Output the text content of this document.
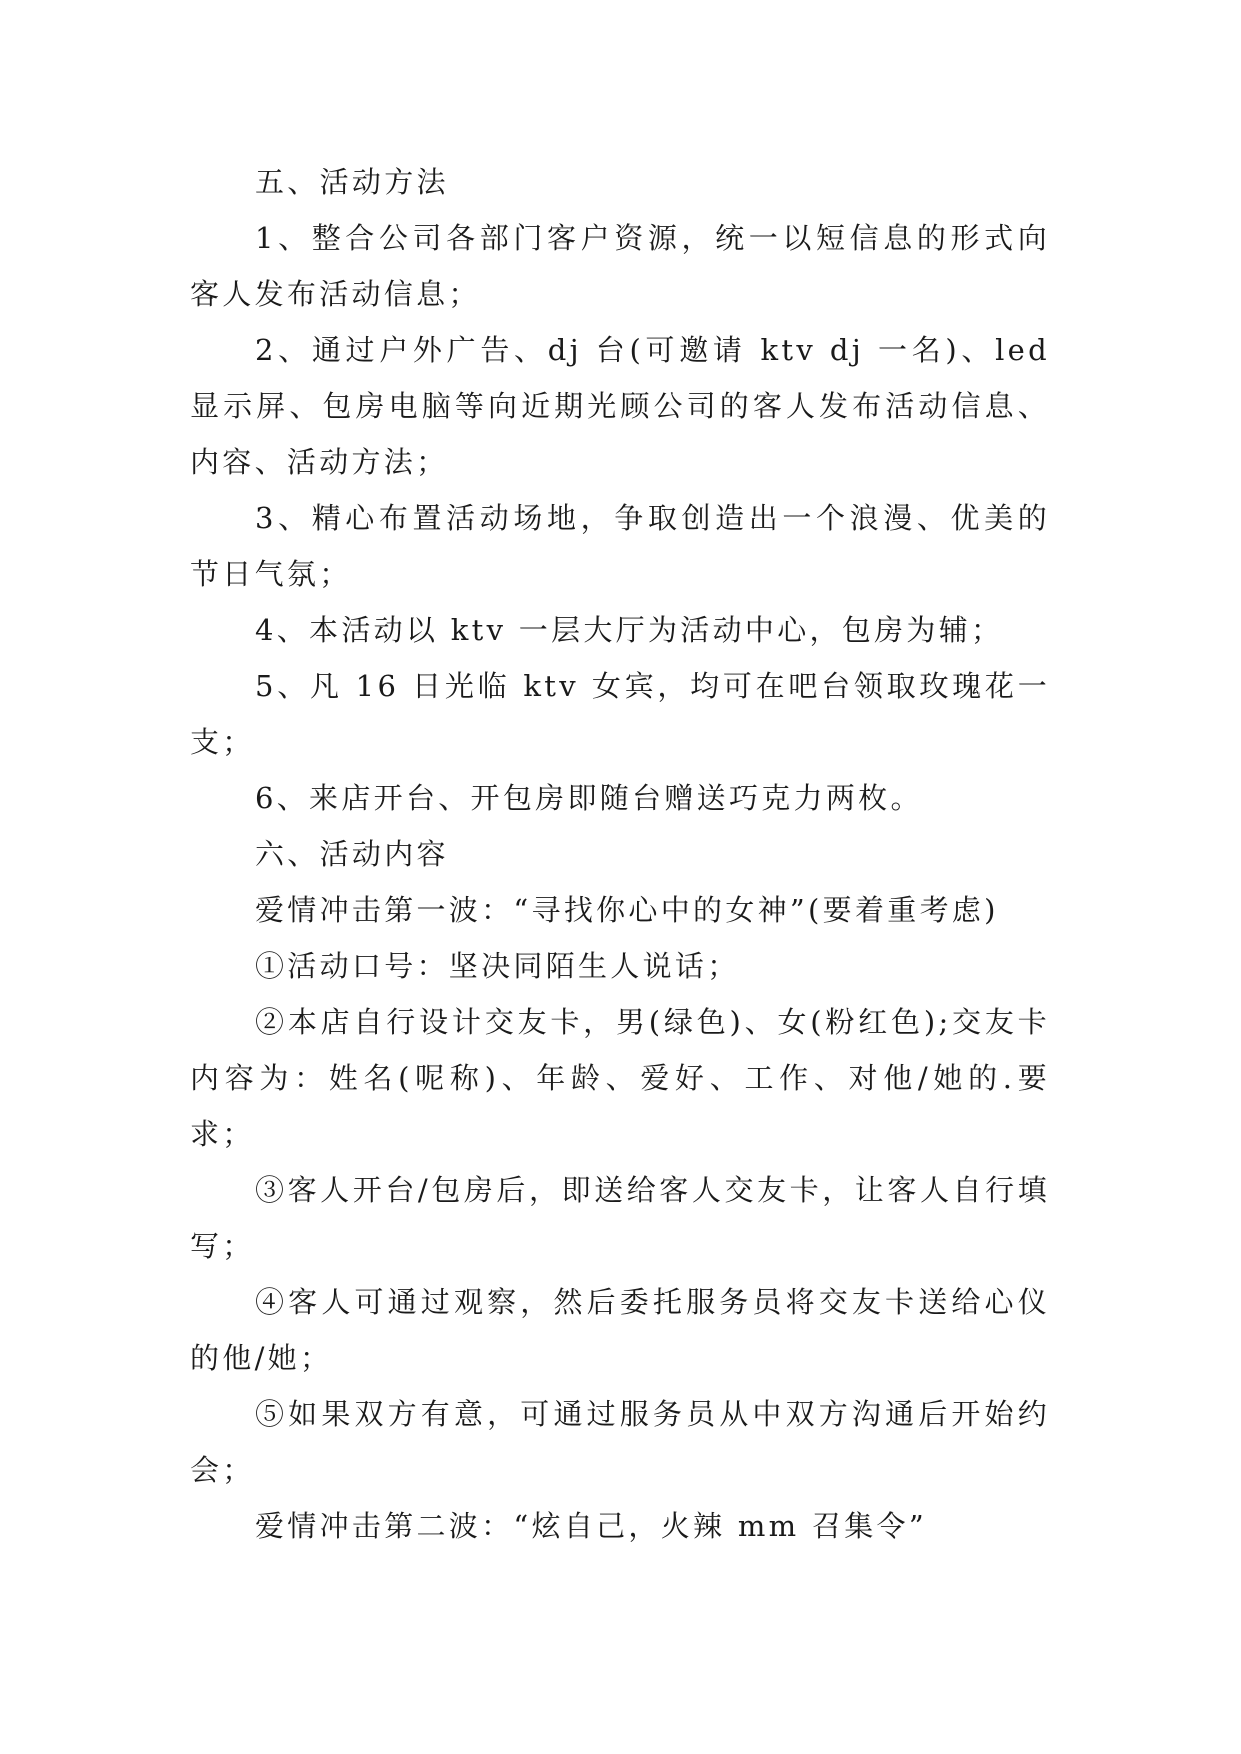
五、活动方法

1、整合公司各部门客户资源，统一以短信息的形式向客人发布活动信息；

2、通过户外广告、dj 台(可邀请 ktv dj 一名)、led 显示屏、包房电脑等向近期光顾公司的客人发布活动信息、内容、活动方法；

3、精心布置活动场地，争取创造出一个浪漫、优美的节日气氛；

4、本活动以 ktv 一层大厅为活动中心，包房为辅；

5、凡 16 日光临 ktv 女宾，均可在吧台领取玫瑰花一支；

6、来店开台、开包房即随台赠送巧克力两枚。

六、活动内容

爱情冲击第一波：“寻找你心中的女神”(要着重考虑)

①活动口号：坚决同陌生人说话；

②本店自行设计交友卡，男(绿色)、女(粉红色);交友卡内容为：姓名(呢称)、年龄、爱好、工作、对他/她的.要求；

③客人开台/包房后，即送给客人交友卡，让客人自行填写；

④客人可通过观察，然后委托服务员将交友卡送给心仪的他/她；

⑤如果双方有意，可通过服务员从中双方沟通后开始约会；

爱情冲击第二波：“炫自己，火辣 mm 召集令”
